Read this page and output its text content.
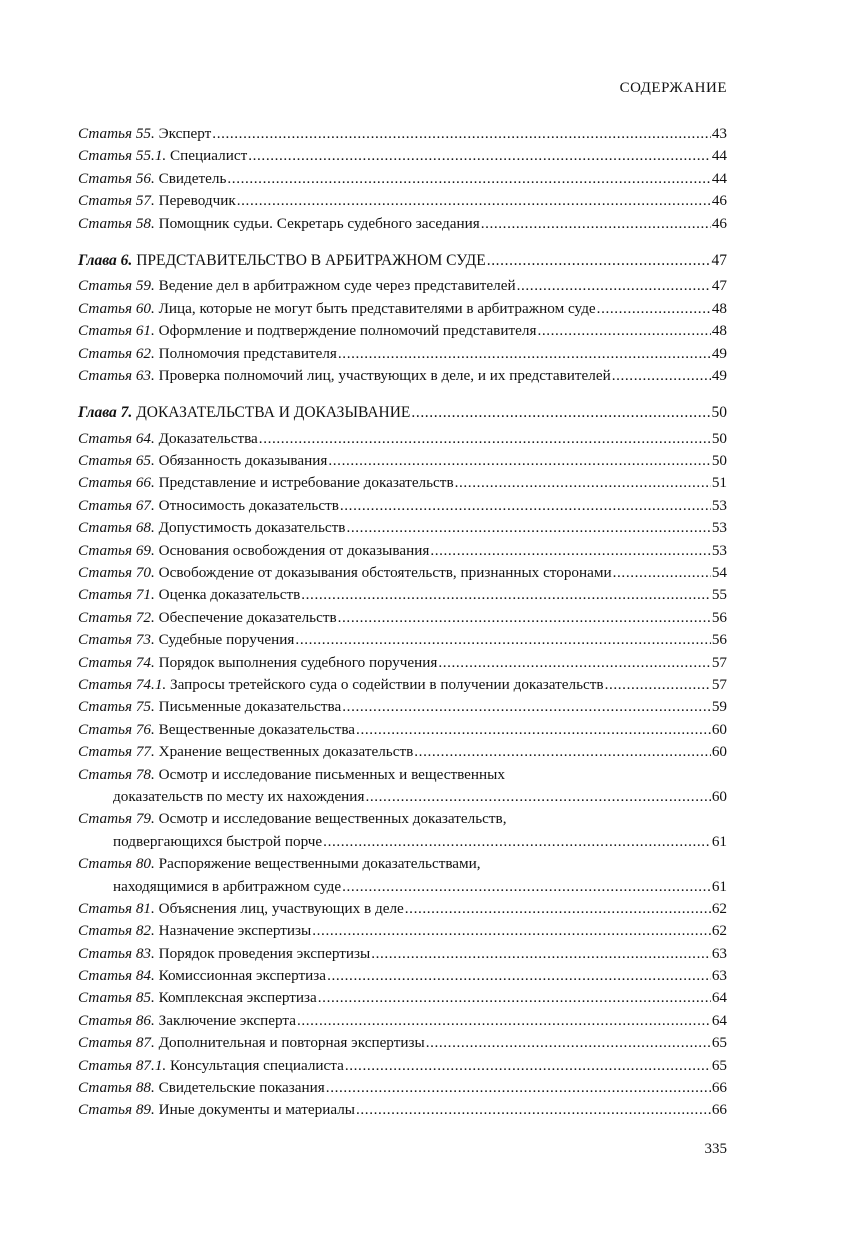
СОДЕРЖАНИЕ
Статья 55. Эксперт .....	43
Статья 55.1. Специалист .....	44
Статья 56. Свидетель .....	44
Статья 57. Переводчик .....	46
Статья 58. Помощник судьи. Секретарь судебного заседания .....	46
Глава 6. ПРЕДСТАВИТЕЛЬСТВО В АРБИТРАЖНОМ СУДЕ .....	47
Статья 59. Ведение дел в арбитражном суде через представителей .....	47
Статья 60. Лица, которые не могут быть представителями в арбитражном суде .....	48
Статья 61. Оформление и подтверждение полномочий представителя .....	48
Статья 62. Полномочия представителя .....	49
Статья 63. Проверка полномочий лиц, участвующих в деле, и их представителей .....	49
Глава 7. ДОКАЗАТЕЛЬСТВА И ДОКАЗЫВАНИЕ .....	50
Статья 64. Доказательства .....	50
Статья 65. Обязанность доказывания .....	50
Статья 66. Представление и истребование доказательств .....	51
Статья 67. Относимость доказательств .....	53
Статья 68. Допустимость доказательств .....	53
Статья 69. Основания освобождения от доказывания .....	53
Статья 70. Освобождение от доказывания обстоятельств, признанных сторонами .....	54
Статья 71. Оценка доказательств .....	55
Статья 72. Обеспечение доказательств .....	56
Статья 73. Судебные поручения .....	56
Статья 74. Порядок выполнения судебного поручения .....	57
Статья 74.1. Запросы третейского суда о содействии в получении доказательств .....	57
Статья 75. Письменные доказательства .....	59
Статья 76. Вещественные доказательства .....	60
Статья 77. Хранение вещественных доказательств .....	60
Статья 78. Осмотр и исследование письменных и вещественных
доказательств по месту их нахождения .....	60
Статья 79. Осмотр и исследование вещественных доказательств,
подвергающихся быстрой порче .....	61
Статья 80. Распоряжение вещественными доказательствами,
находящимися в арбитражном суде .....	61
Статья 81. Объяснения лиц, участвующих в деле .....	62
Статья 82. Назначение экспертизы .....	62
Статья 83. Порядок проведения экспертизы .....	63
Статья 84. Комиссионная экспертиза .....	63
Статья 85. Комплексная экспертиза .....	64
Статья 86. Заключение эксперта .....	64
Статья 87. Дополнительная и повторная экспертизы .....	65
Статья 87.1. Консультация специалиста .....	65
Статья 88. Свидетельские показания .....	66
Статья 89. Иные документы и материалы .....	66
335
